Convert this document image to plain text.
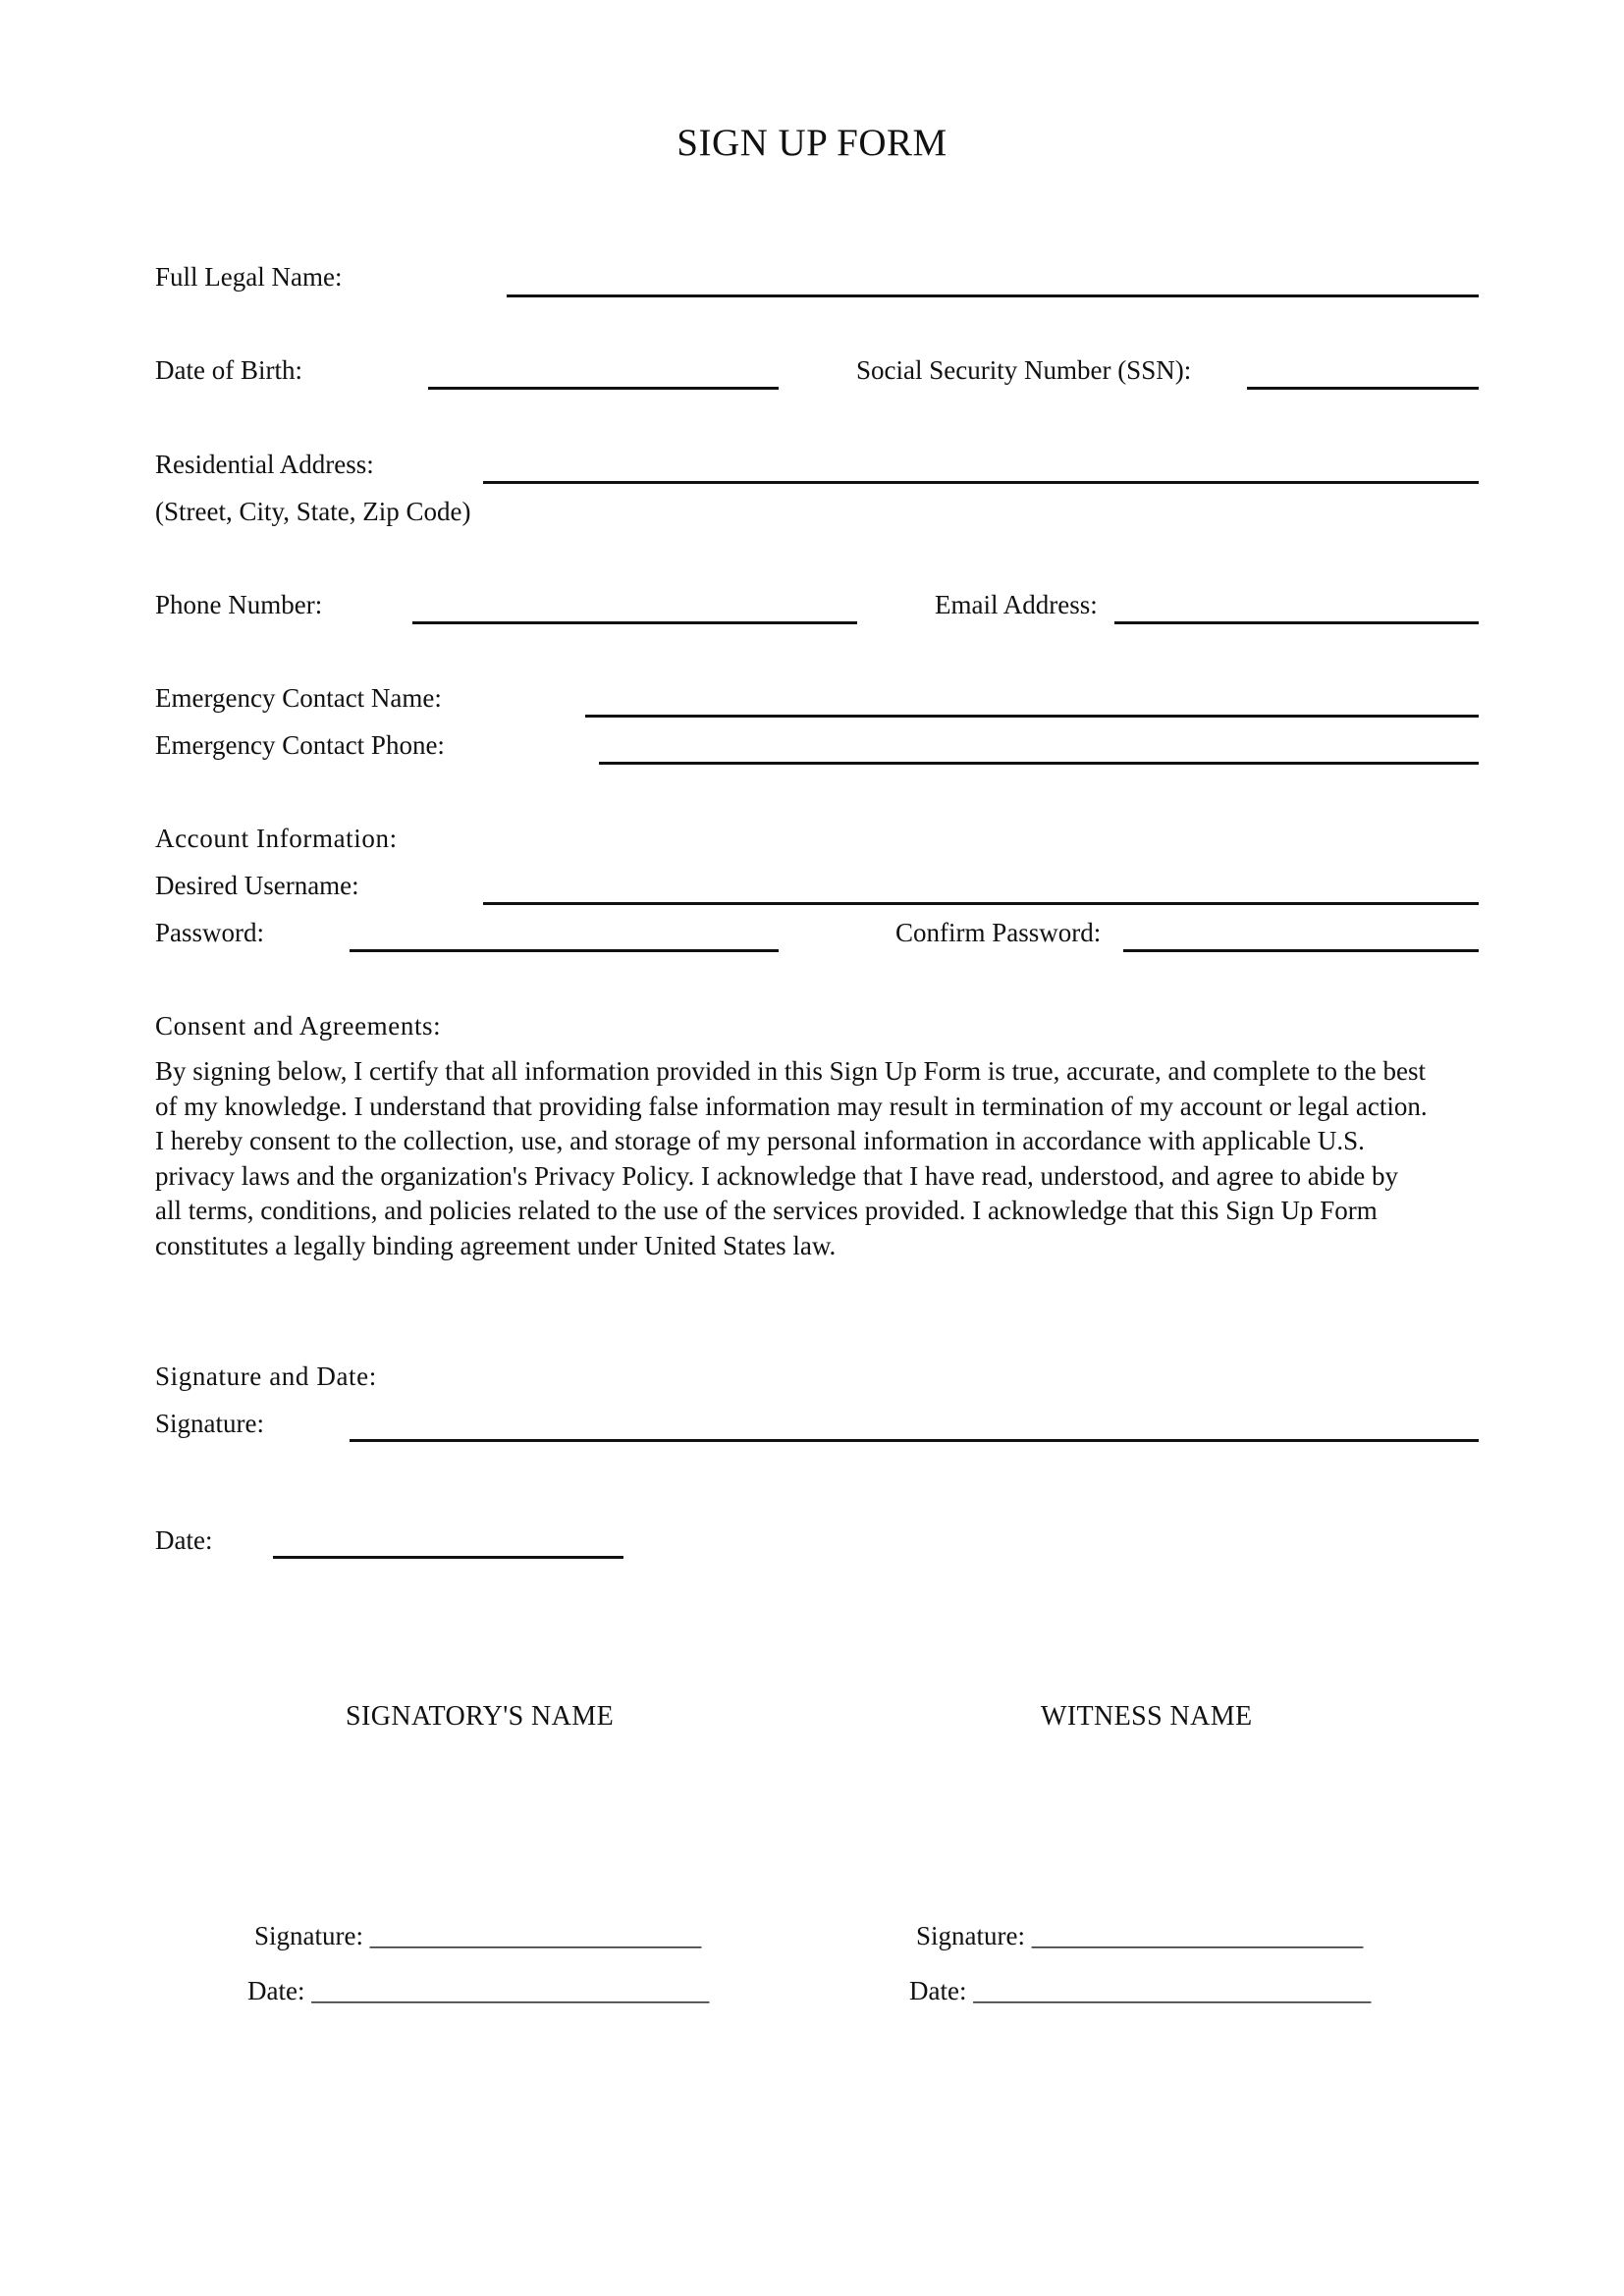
SIGN UP FORM
Full Legal Name:
Date of Birth:	Social Security Number (SSN):
Residential Address:
(Street, City, State, Zip Code)
Phone Number:	Email Address:
Emergency Contact Name:
Emergency Contact Phone:
Account Information:
Desired Username:
Password:	Confirm Password:
Consent and Agreements:
By signing below, I certify that all information provided in this Sign Up Form is true, accurate, and complete to the best
of my knowledge. I understand that providing false information may result in termination of my account or legal action.
I hereby consent to the collection, use, and storage of my personal information in accordance with applicable U.S.
privacy laws and the organization's Privacy Policy. I acknowledge that I have read, understood, and agree to abide by
all terms, conditions, and policies related to the use of the services provided. I acknowledge that this Sign Up Form
constitutes a legally binding agreement under United States law.
Signature and Date:
Signature:
Date:
SIGNATORY'S NAME	WITNESS NAME
Signature: _________________________	Signature: _________________________
Date: ______________________________	Date: ______________________________
